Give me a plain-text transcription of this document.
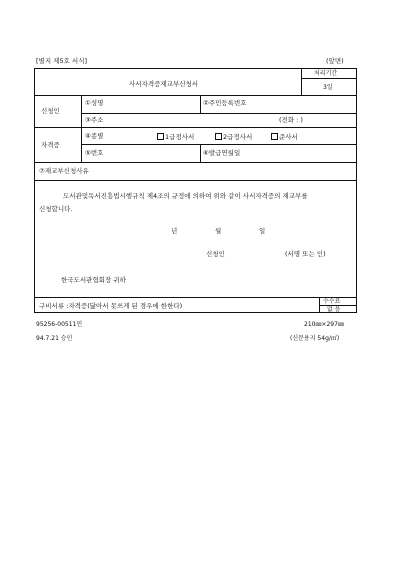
[별지 제5호 서식]	(앞면)
사서자격증재교부신청서
처리기간
3일
신청인
①성명	②주민등록번호
③주소	(전화 : )
자격증
④종별	1급정사서	2급정사서	준사서
⑤번호	⑥발급연월일
⑦재교부신청사유
도서관및독서진흥법시행규칙 제4조의 규정에 의하여 위와 같이 사서자격증의 재교부를
신청합니다.
년	월	일
신청인	(서명 또는 인)
한국도서관협회장 귀하
구비서류 :자격증(닳아서 못쓰게 된 경우에 한한다)
수수료
없 음
95256-00511민
94.7.21 승인
210㎜×297㎜
(신문용지 54g/㎡)
